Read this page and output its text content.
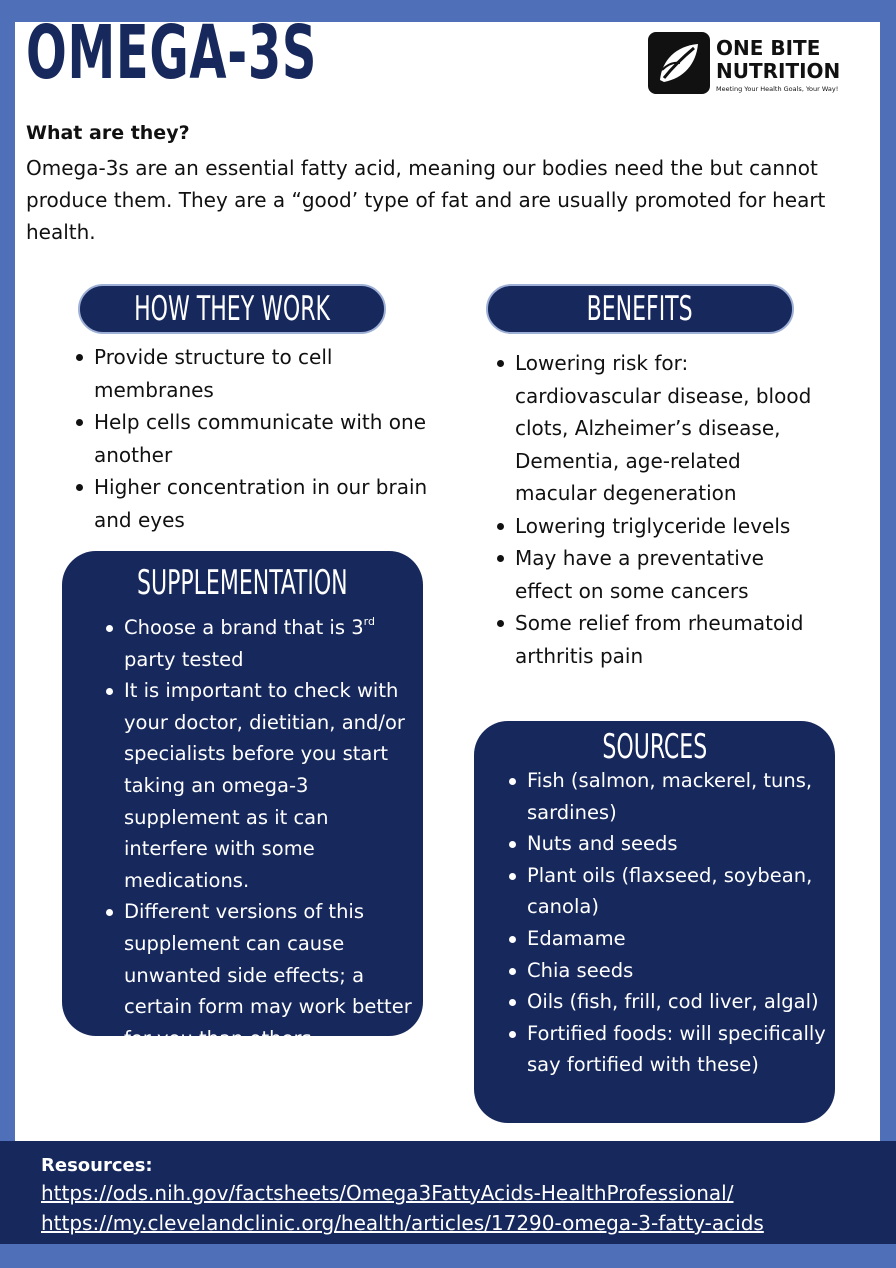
OMEGA-3S	ONE BITE
NUTRITION
Meeting Your Health Goals, Your Way!
What are they?

Omega-3s are an essential fatty acid, meaning our bodies need the but cannot produce them. They are a “good’ type of fat and are usually promoted for heart health.

HOW THEY WORK
Provide structure to cell membranes
Help cells communicate with one another
Higher concentration in our brain and eyes
BENEFITS
Lowering risk for: cardiovascular disease, blood clots, Alzheimer’s disease, Dementia, age-related macular degeneration
Lowering triglyceride levels
May have a preventative effect on some cancers
Some relief from rheumatoid arthritis pain
SUPPLEMENTATION
Choose a brand that is 3rd party tested
It is important to check with your doctor, dietitian, and/or specialists before you start taking an omega-3 supplement as it can interfere with some medications.
Different versions of this supplement can cause unwanted side effects; a certain form may work better for you than others.
SOURCES
Fish (salmon, mackerel, tuns, sardines)
Nuts and seeds
Plant oils (flaxseed, soybean, canola)
Edamame
Chia seeds
Oils (fish, frill, cod liver, algal)
Fortified foods: will specifically say fortified with these)
Resources:
https://ods.nih.gov/factsheets/Omega3FattyAcids-HealthProfessional/
https://my.clevelandclinic.org/health/articles/17290-omega-3-fatty-acids
